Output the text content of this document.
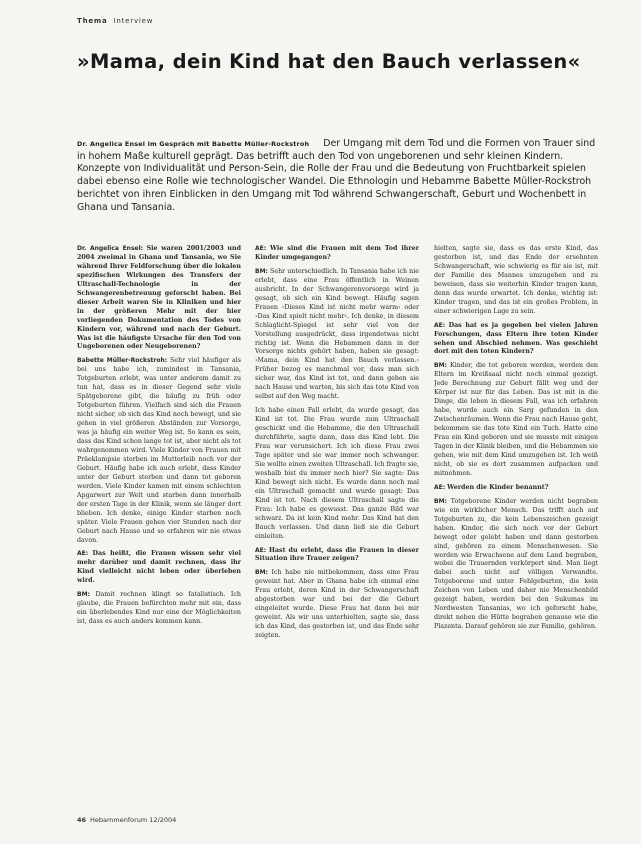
Thema Interview
»Mama, dein Kind hat den Bauch verlassen«
Dr. Angelica Ensel im Gespräch mit Babette Müller-Rockstroh Der Umgang mit dem Tod und die Formen von Trauer sind in hohem Maße kulturell geprägt. Das betrifft auch den Tod von ungeborenen und sehr kleinen Kindern. Konzepte von Individualität und Person-Sein, die Rolle der Frau und die Bedeutung von Fruchtbarkeit spielen dabei ebenso eine Rolle wie technologischer Wandel. Die Ethnologin und Hebamme Babette Müller-Rockstroh berichtet von ihren Einblicken in den Umgang mit Tod während Schwangerschaft, Geburt und Wochenbett in Ghana und Tansania.

Dr. Angelica Ensel: Sie waren 2001/2003 und 2004 zweimal in Ghana und Tansania, wo Sie während Ihrer Feldforschung über die lokalen spezifischen Wirkungen des Transfers der Ultraschall-Technologie in der Schwangerenbetreuung geforscht haben. Bei dieser Arbeit waren Sie in Kliniken und hier in der größeren Mehr mit der hier vorliegenden Dokumentation des Todes von Kindern vor, während und nach der Geburt. Was ist die häufigste Ursache für den Tod von Ungeborenen oder Neugeborenen?

Babette Müller-Rockstroh: Sehr viel häufiger als bei uns habe ich, zumindest in Tansania, Totgeburten erlebt, was unter anderem damit zu tun hat, dass es in dieser Gegend sehr viele Spätgeborene gibt, die häufig zu früh oder Totgeburten führen. Vielfach sind sich die Frauen nicht sicher, ob sich das Kind noch bewegt, und sie gehen in viel größeren Abständen zur Vorsorge, was ja häufig ein weiter Weg ist. So kann es sein, dass das Kind schon lange tot ist, aber nicht als tot wahrgenommen wird. Viele Kinder von Frauen mit Präeklampsie sterben im Mutterleib noch vor der Geburt. Häufig habe ich auch erlebt, dass Kinder unter der Geburt sterben und dann tot geboren werden. Viele Kinder kamen mit einem schlechten Apgarwert zur Welt und starben dann innerhalb der ersten Tage in der Klinik, wenn sie länger dort blieben. Ich denke, einige Kinder starben noch später. Viele Frauen gehen vier Stunden nach der Geburt nach Hause und so erfahren wir nie etwas davon.

AE: Das heißt, die Frauen wissen sehr viel mehr darüber und damit rechnen, dass ihr Kind vielleicht nicht leben oder überleben wird.

BM: Damit rechnen klingt so fatalistisch. Ich glaube, die Frauen befürchten mehr mit ein, dass ein überlebendes Kind nur eine der Möglichkeiten ist, dass es auch anders kommen kann.

AE: Wie sind die Frauen mit dem Tod ihrer Kinder umgegangen?

BM: Sehr unterschiedlich. In Tansania habe ich nie erlebt, dass eine Frau öffentlich in Weinen ausbricht. In der Schwangerenvorsorge wird ja gesagt, ob sich ein Kind bewegt. Häufig sagen Frauen ›Dieses Kind ist nicht mehr warm‹ oder ›Das Kind spielt nicht mehr‹. Ich denke, in diesem Schlaglicht-Spiegel ist sehr viel von der Vorstellung ausgedrückt, dass irgendetwas nicht richtig ist. Wenn die Hebammen dann in der Vorsorge nichts gehört haben, haben sie gesagt: ›Mama, dein Kind hat den Bauch verlassen.‹ Früher bezog es manchmal vor, dass man sich sicher war, das Kind ist tot, und dann gehen sie nach Hause und warten, bis sich das tote Kind von selbst auf den Weg macht.

Ich habe einen Fall erlebt, da wurde gesagt, das Kind ist tot. Die Frau wurde zum Ultraschall geschickt und die Hebamme, die den Ultraschall durchführte, sagte dann, dass das Kind lebt. Die Frau war verunsichert. Ich ich diese Frau zwei Tage später und sie war immer noch schwanger. Sie wollte einen zweiten Ultraschall. Ich fragte sie, weshalb bist du immer noch hier? Sie sagte: Das Kind bewegt sich nicht. Es wurde dann noch mal ein Ultraschall gemacht und wurde gesagt: Das Kind ist tot. Nach diesem Ultraschall sagte die Frau: Ich habe es gewusst. Das ganze Bild war schwarz. Da ist kein Kind mehr. Das Kind hat den Bauch verlassen. Und dann ließ sie die Geburt einleiten.

AE: Hast du erlebt, dass die Frauen in dieser Situation ihre Trauer zeigen?

BM: Ich habe nie mitbekommen, dass eine Frau geweint hat. Aber in Ghana habe ich einmal eine Frau erlebt, deren Kind in der Schwangerschaft abgestorben war und bei der die Geburt eingeleitet wurde. Diese Frau hat dann bei mir geweint. Als wir uns unterhielten, sagte sie, dass ich das Kind, das gestorben ist, und das Ende sehr zeigten.

hielten, sagte sie, dass es das erste Kind, das gestorben ist, und das Ende der ersehnten Schwangerschaft, wie schwierig es für sie ist, mit der Familie des Mannes umzugehen und zu beweisen, dass sie weiterhin Kinder tragen kann, denn das wurde erwartet. Ich denke, wichtig ist: Kinder tragen, und das ist ein großes Problem, in einer schwierigen Lage zu sein.

AE: Das hat es ja gegeben bei vielen Jahren Forschungen, dass Eltern ihre toten Kinder sehen und Abschied nehmen. Was geschieht dort mit den toten Kindern?

BM: Kinder, die tot geboren werden, werden den Eltern im Kreißsaal nicht noch einmal gezeigt. Jede Berechnung zur Geburt fällt weg und der Körper ist nur für das Leben. Das ist mit in die Dinge, die leben in diesem Fall, was ich erfahren habe, wurde auch ein Sarg gefunden in den Zwischenräumen. Wenn die Frau nach Hause geht, bekommen sie das tote Kind ein Tuch. Hatte eine Frau ein Kind geboren und sie musste mit einigen Tagen in der Klinik bleiben, und die Hebammen sie gehen, wie mit dem Kind umzugehen ist. Ich weiß nicht, ob sie es dort zusammen aufpacken und mitnehmen.

AE: Werden die Kinder benannt?

BM: Totgeborene Kinder werden nicht begraben wie ein wirklicher Mensch. Das trifft auch auf Totgeburten zu, die kein Lebenszeichen gezeigt haben. Kinder, die sich noch vor der Geburt bewegt oder gelebt haben und dann gestorben sind, gehören zu einem Menschenwesen. Sie werden wie Erwachsene auf dem Land begraben, wobei die Trauernden verkörpert sind. Man liegt dabei auch nicht auf völligen Verwandte. Totgeborene und unter Fehlgeburten, die kein Zeichen von Leben und daher nie Menschenbild gezeigt haben, werden bei den Sukumas im Nordwesten Tansanias, wo ich geforscht habe, direkt neben die Hütte begraben genauso wie die Plazenta. Darauf gehören sie zur Familie, gehören.

46 Hebammenforum 12/2004
